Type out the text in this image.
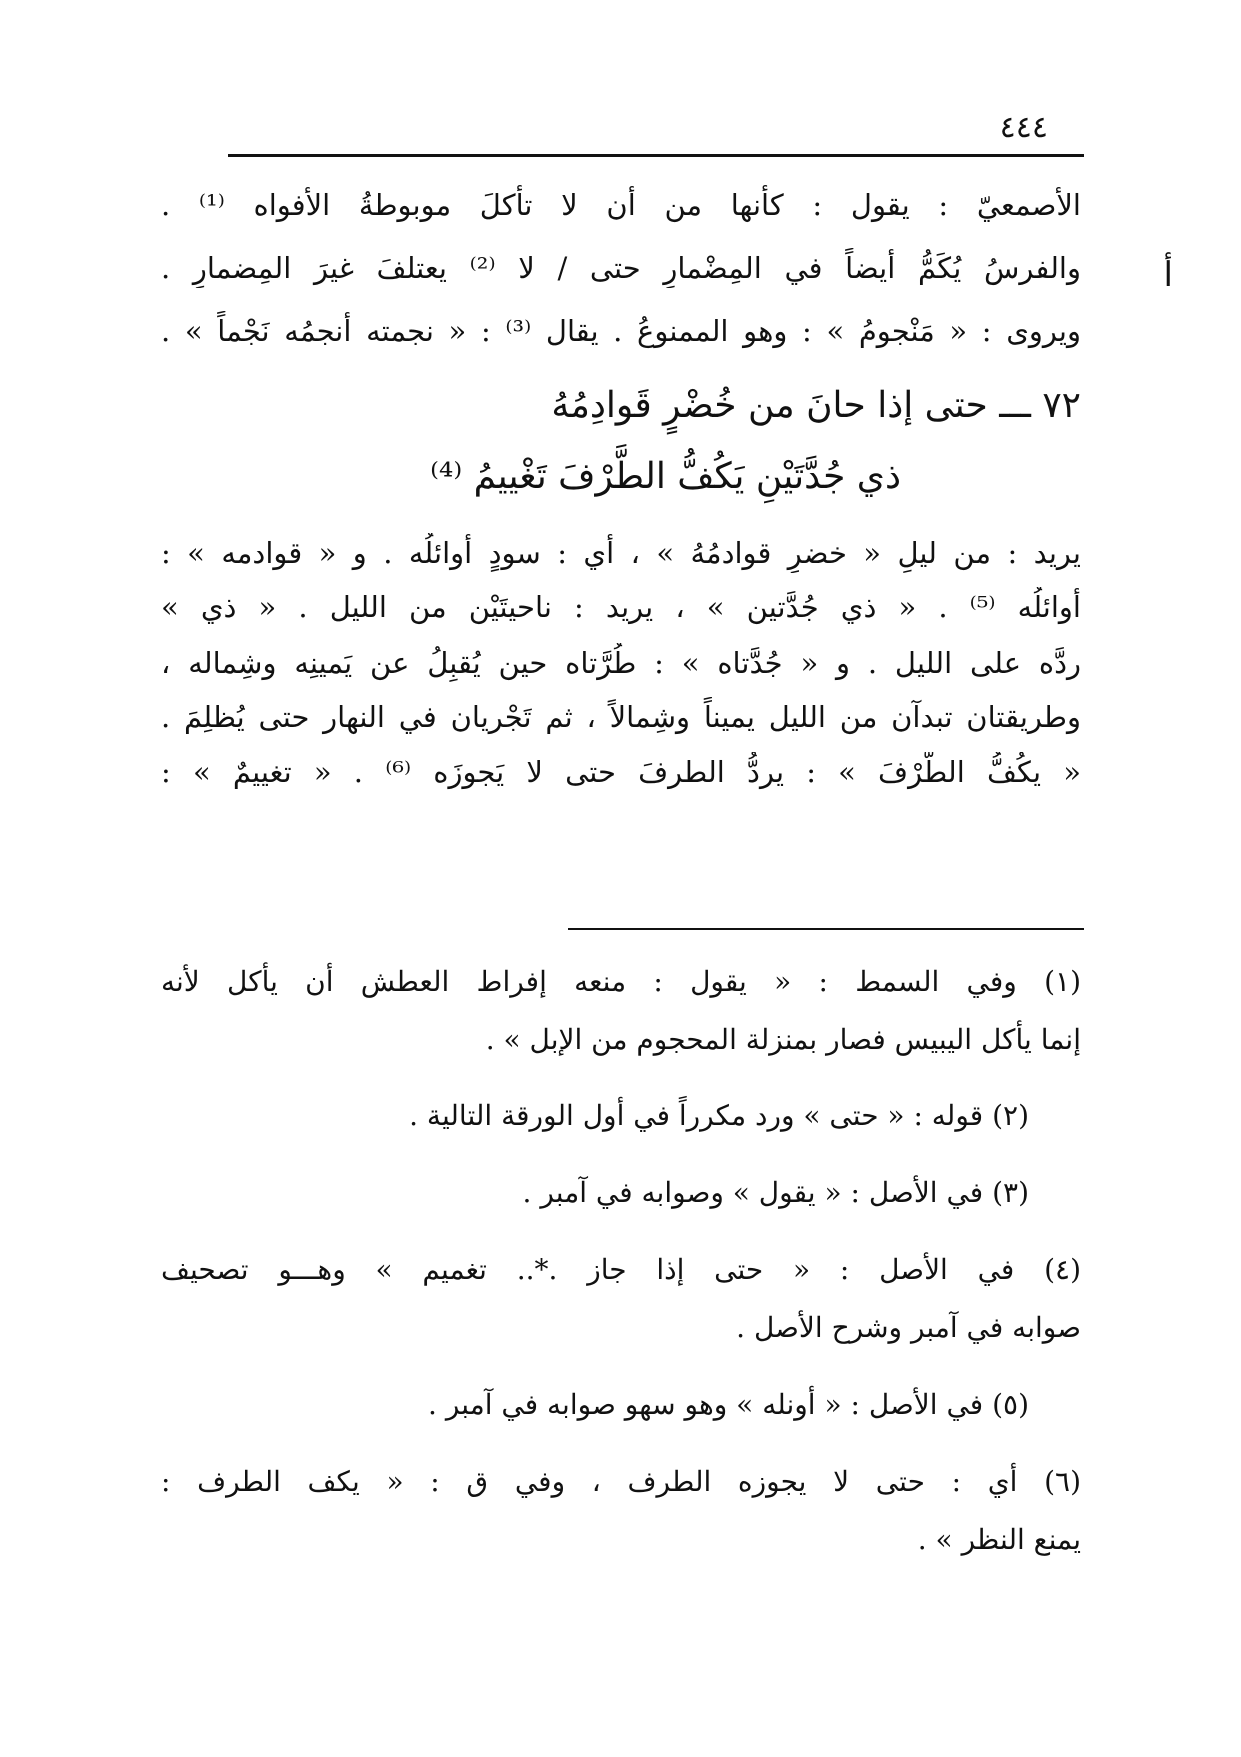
٤٤٤
أ
الأصمعيّ : يقول : كأنها من أن لا تأكلَ موبوطةُ الأفواه ⁽¹⁾ .
والفرسُ يُكَمُّ أيضاً في المِضْمارِ حتى / لا ⁽²⁾ يعتلفَ غيرَ المِضمارِ .
ويروى : « مَنْجومُ » : وهو الممنوعُ . يقال ⁽³⁾ : « نجمته أنجمُه نَجْماً » .
٧٢ ـــ حتى إذا حانَ من خُضْرٍ قَوادِمُهُ
ذي جُدَّتَيْنِ يَكُفُّ الطَّرْفَ تَغْييمُ ⁽⁴⁾
يريد : من ليلٍ « خضرٍ قوادمُهُ » ، أي : سودٍ أوائلُه . و « قوادمه » :
أوائلُه ⁽⁵⁾ . « ذي جُدَّتين » ، يريد : ناحيتَيْن من الليل . « ذي »
ردَّه على الليل . و « جُدَّتاه » : طُرَّتاه حين يُقبِلُ عن يَمينِه وشِماله ،
وطريقتان تبدآن من الليل يميناً وشِمالاً ، ثم تَجْريان في النهار حتى يُظلِمَ .
« يكُفُّ الطَّرْفَ » : يردُّ الطرفَ حتى لا يَجوزَه ⁽⁶⁾ . « تغييمٌ » :
(١) وفي السمط : « يقول : منعه إفراط العطش أن يأكل لأنه
إنما يأكل اليبيس فصار بمنزلة المحجوم من الإبل » .
(٢) قوله : « حتى » ورد مكرراً في أول الورقة التالية .
(٣) في الأصل : « يقول » وصوابه في آمبر .
(٤) في الأصل : « حتى إذا جاز .*.. تغميم » وهـــو تصحيف
صوابه في آمبر وشرح الأصل .
(٥) في الأصل : « أونله » وهو سهو صوابه في آمبر .
(٦) أي : حتى لا يجوزه الطرف ، وفي ق : « يكف الطرف :
يمنع النظر » .
